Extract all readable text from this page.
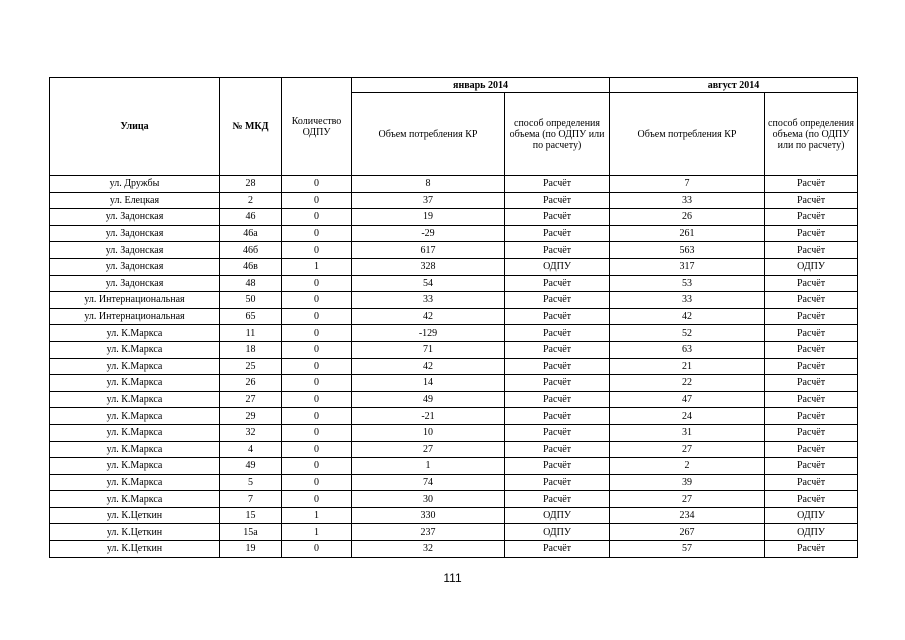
Улица	№ МКД	Количество ОДПУ	январь 2014		август 2014	
			Объем потребления КР	способ определения объема (по ОДПУ или по расчету)	Объем потребления КР	способ определения объема (по ОДПУ или по расчету)
ул. Дружбы	28	0	8	Расчёт	7	Расчёт
ул. Елецкая	2	0	37	Расчёт	33	Расчёт
ул. Задонская	46	0	19	Расчёт	26	Расчёт
ул. Задонская	46а	0	-29	Расчёт	261	Расчёт
ул. Задонская	46б	0	617	Расчёт	563	Расчёт
ул. Задонская	46в	1	328	ОДПУ	317	ОДПУ
ул. Задонская	48	0	54	Расчёт	53	Расчёт
ул. Интернациональная	50	0	33	Расчёт	33	Расчёт
ул. Интернациональная	65	0	42	Расчёт	42	Расчёт
ул. К.Маркса	11	0	-129	Расчёт	52	Расчёт
ул. К.Маркса	18	0	71	Расчёт	63	Расчёт
ул. К.Маркса	25	0	42	Расчёт	21	Расчёт
ул. К.Маркса	26	0	14	Расчёт	22	Расчёт
ул. К.Маркса	27	0	49	Расчёт	47	Расчёт
ул. К.Маркса	29	0	-21	Расчёт	24	Расчёт
ул. К.Маркса	32	0	10	Расчёт	31	Расчёт
ул. К.Маркса	4	0	27	Расчёт	27	Расчёт
ул. К.Маркса	49	0	1	Расчёт	2	Расчёт
ул. К.Маркса	5	0	74	Расчёт	39	Расчёт
ул. К.Маркса	7	0	30	Расчёт	27	Расчёт
ул. К.Цеткин	15	1	330	ОДПУ	234	ОДПУ
ул. К.Цеткин	15а	1	237	ОДПУ	267	ОДПУ
ул. К.Цеткин	19	0	32	Расчёт	57	Расчёт
111
